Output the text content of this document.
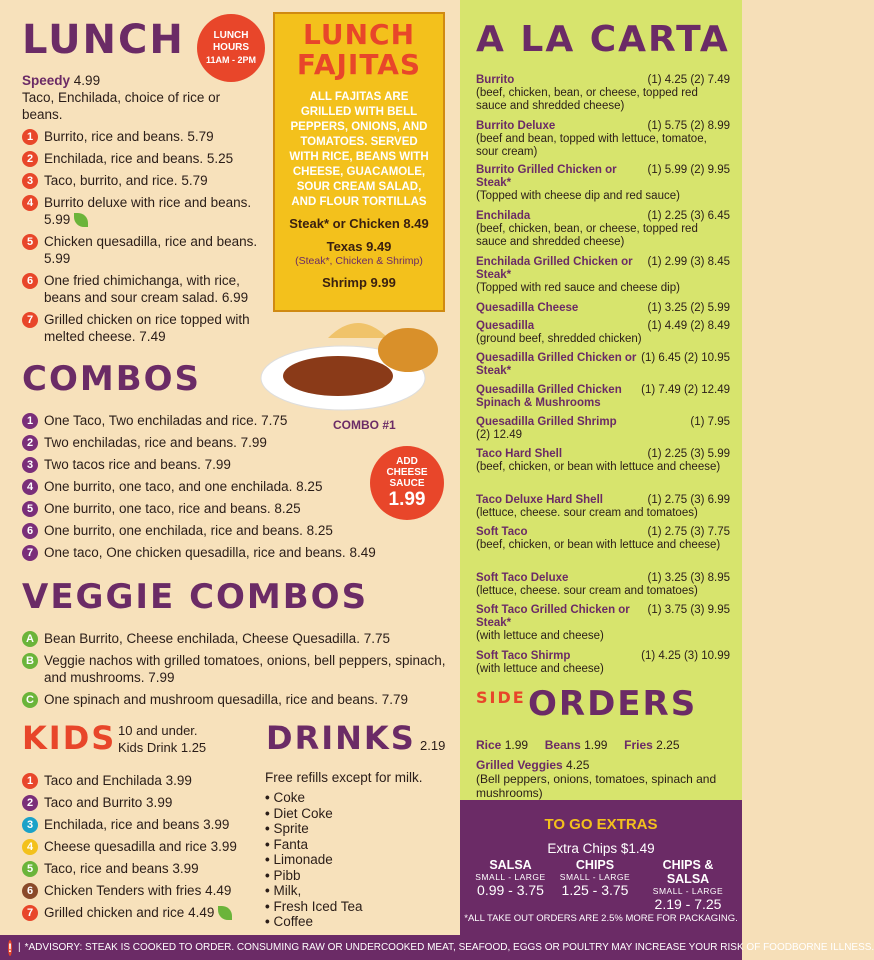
LUNCH	LUNCH
HOURS
11AM - 2PM
Speedy 4.99
Taco, Enchilada, choice of rice or beans.
1 Burrito, rice and beans. 5.79
2 Enchilada, rice and beans. 5.25
3 Taco, burrito, and rice. 5.79
4 Burrito deluxe with rice and beans. 5.99
5 Chicken quesadilla, rice and beans. 5.99
6 One fried chimichanga, with rice, beans and sour cream salad. 6.99
7 Grilled chicken on rice topped with melted cheese. 7.49
LUNCH
FAJITAS
ALL FAJITAS ARE GRILLED WITH BELL PEPPERS, ONIONS, AND TOMATOES. SERVED WITH RICE, BEANS WITH CHEESE, GUACAMOLE, SOUR CREAM SALAD, AND FLOUR TORTILLAS
Steak* or Chicken 8.49
Texas 9.49
(Steak*, Chicken & Shrimp)
Shrimp 9.99
COMBO #1
COMBOS
ADD
CHEESE SAUCE
1.99
1 One Taco, Two enchiladas and rice. 7.75
2 Two enchiladas, rice and beans. 7.99
3 Two tacos rice and beans. 7.99
4 One burrito, one taco, and one enchilada. 8.25
5 One burrito, one taco, rice and beans. 8.25
6 One burrito, one enchilada, rice and beans. 8.25
7 One taco, One chicken quesadilla, rice and beans. 8.49
VEGGIE COMBOS
A Bean Burrito, Cheese enchilada, Cheese Quesadilla. 7.75
B Veggie nachos with grilled tomatoes, onions, bell peppers, spinach, and mushrooms. 7.99
C One spinach and mushroom quesadilla, rice and beans. 7.79
KIDS 10 and under.
Kids Drink 1.25
1 Taco and Enchilada 3.99
2 Taco and Burrito 3.99
3 Enchilada, rice and beans 3.99
4 Cheese quesadilla and rice 3.99
5 Taco, rice and beans 3.99
6 Chicken Tenders with fries 4.49
7 Grilled chicken and rice 4.49
DRINKS 2.19
Free refills except for milk.
• Coke
• Diet Coke
• Sprite
• Fanta
• Limonade
• Pibb
• Milk,
• Fresh Iced Tea
• Coffee
A LA CARTA
Burrito	(1) 4.25 (2) 7.49
(beef, chicken, bean, or cheese, topped red sauce and shredded cheese)
Burrito Deluxe	(1) 5.75 (2) 8.99
(beef and bean, topped with lettuce, tomatoe, sour cream)
Burrito Grilled Chicken or Steak*
(1) 5.99 (2) 9.95
(Topped with cheese dip and red sauce)
Enchilada	(1) 2.25 (3) 6.45
(beef, chicken, bean, or cheese, topped red sauce and shredded cheese)
Enchilada Grilled Chicken or Steak*
(1) 2.99 (3) 8.45
(Topped with red sauce and cheese dip)
Quesadilla Cheese	(1) 3.25 (2) 5.99
Quesadilla	(1) 4.49 (2) 8.49
(ground beef, shredded chicken)
Quesadilla Grilled Chicken or Steak*
(1) 6.45 (2) 10.95
Quesadilla Grilled Chicken Spinach & Mushrooms
(1) 7.49 (2) 12.49
Quesadilla Grilled Shrimp	(1) 7.95
(2) 12.49
Taco Hard Shell	(1) 2.25 (3) 5.99
(beef, chicken, or bean with lettuce and cheese)
Taco Deluxe Hard Shell	(1) 2.75 (3) 6.99
(lettuce, cheese. sour cream and tomatoes)
Soft Taco	(1) 2.75 (3) 7.75
(beef, chicken, or bean with lettuce and cheese)
Soft Taco Deluxe	(1) 3.25 (3) 8.95
(lettuce, cheese. sour cream and tomatoes)
Soft Taco Grilled Chicken or Steak*
(1) 3.75 (3) 9.95
(with lettuce and cheese)
Soft Taco Shirmp	(1) 4.25 (3) 10.99
(with lettuce and cheese)
SIDE ORDERS
Rice 1.99 Beans 1.99 Fries 2.25
Grilled Veggies 4.25
(Bell peppers, onions, tomatoes, spinach and mushrooms)
TO GO EXTRAS
Extra Chips $1.49
*ALL TAKE OUT ORDERS ARE 2.5% MORE FOR PACKAGING.
SALSA
SMALL - LARGE
0.99 - 3.75
CHIPS
SMALL - LARGE
1.25 - 3.75
CHIPS & SALSA
SMALL - LARGE
2.19 - 7.25
! | *ADVISORY: STEAK IS COOKED TO ORDER. CONSUMING RAW OR UNDERCOOKED MEAT, SEAFOOD, EGGS OR POULTRY MAY INCREASE YOUR RISK OF FOODBORNE ILLNESS.
